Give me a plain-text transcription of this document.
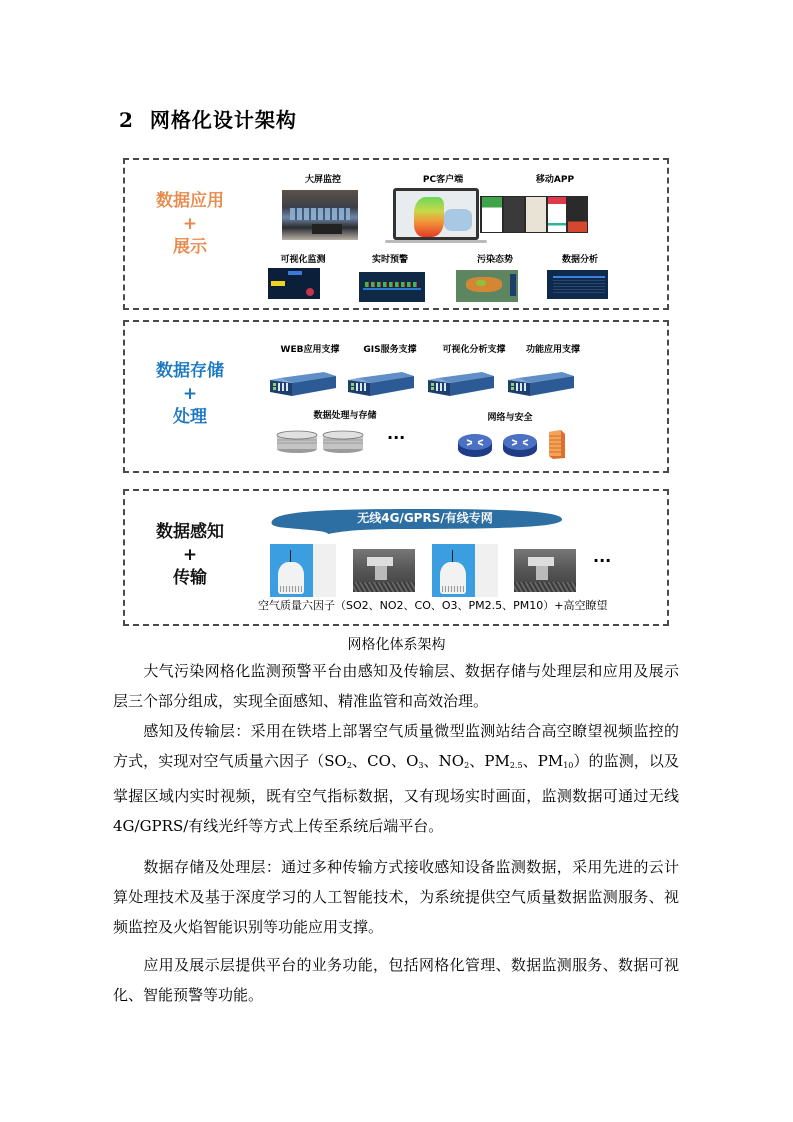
2 网格化设计架构
数据应用
+
展示
大屏监控	PC客户端	移动APP
可视化监测	实时预警	污染态势	数据分析
数据存储
+
处理
WEB应用支撑	GIS服务支撑	可视化分析支撑	功能应用支撑
数据处理与存储
···
网络与安全
数据感知
+
传输
无线4G/GPRS/有线专网
···
空气质量六因子（SO2、NO2、CO、O3、PM2.5、PM10）+高空瞭望
网格化体系架构
大气污染网格化监测预警平台由感知及传输层、数据存储与处理层和应用及展示层三个部分组成，实现全面感知、精准监管和高效治理。
感知及传输层：采用在铁塔上部署空气质量微型监测站结合高空瞭望视频监控的方式，实现对空气质量六因子（$SO_2$、CO、$O_3$、$NO_2$、$PM_{2.5}$、$PM_{10}$）的监测，以及掌握区域内实时视频，既有空气指标数据，又有现场实时画面，监测数据可通过无线 4G/GPRS/有线光纤等方式上传至系统后端平台。
数据存储及处理层：通过多种传输方式接收感知设备监测数据，采用先进的云计算处理技术及基于深度学习的人工智能技术，为系统提供空气质量数据监测服务、视频监控及火焰智能识别等功能应用支撑。
应用及展示层提供平台的业务功能，包括网格化管理、数据监测服务、数据可视化、智能预警等功能。
